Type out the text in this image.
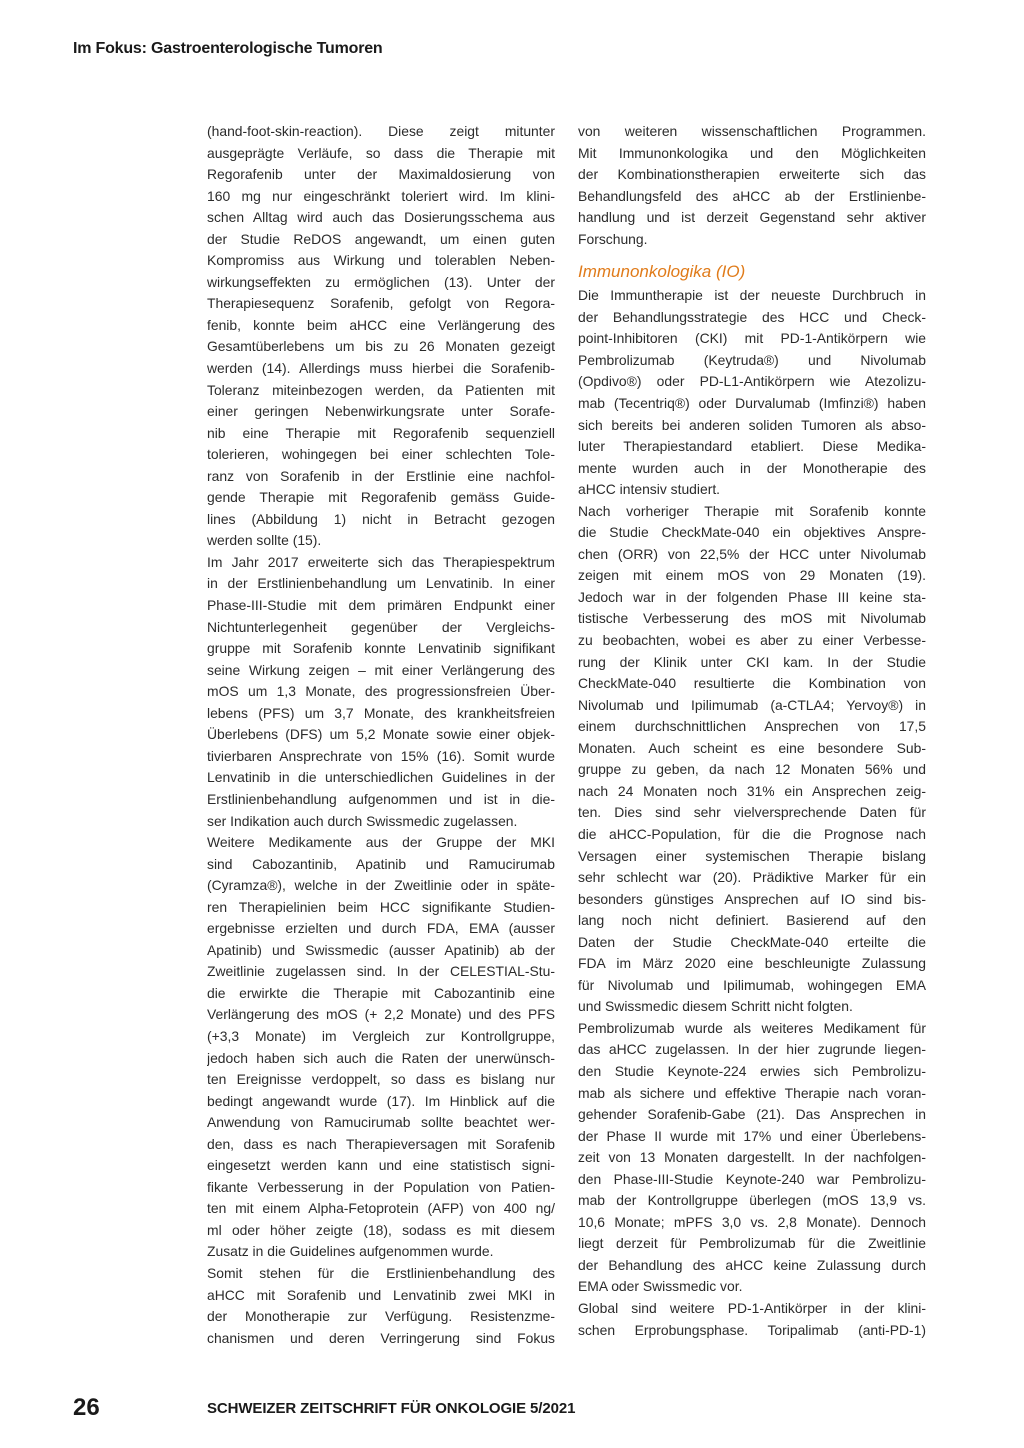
Im Fokus: Gastroenterologische Tumoren
(hand-foot-skin-reaction). Diese zeigt mitunter
ausgeprägte Verläufe, so dass die Therapie mit
Regorafenib unter der Maximaldosierung von
160 mg nur eingeschränkt toleriert wird. Im klini-
schen Alltag wird auch das Dosierungsschema aus
der Studie ReDOS angewandt, um einen guten
Kompromiss aus Wirkung und tolerablen Neben-
wirkungseffekten zu ermöglichen (13). Unter der
Therapiesequenz Sorafenib, gefolgt von Regora-
fenib, konnte beim aHCC eine Verlängerung des
Gesamtüberlebens um bis zu 26 Monaten gezeigt
werden (14). Allerdings muss hierbei die Sorafenib-
Toleranz miteinbezogen werden, da Patienten mit
einer geringen Nebenwirkungsrate unter Sorafe-
nib eine Therapie mit Regorafenib sequenziell
tolerieren, wohingegen bei einer schlechten Tole-
ranz von Sorafenib in der Erstlinie eine nachfol-
gende Therapie mit Regorafenib gemäss Guide-
lines (Abbildung 1) nicht in Betracht gezogen
werden sollte (15).
Im Jahr 2017 erweiterte sich das Therapiespektrum
in der Erstlinienbehandlung um Lenvatinib. In einer
Phase-III-Studie mit dem primären Endpunkt einer
Nichtunterlegenheit gegenüber der Vergleichs-
gruppe mit Sorafenib konnte Lenvatinib signifikant
seine Wirkung zeigen – mit einer Verlängerung des
mOS um 1,3 Monate, des progressionsfreien Über-
lebens (PFS) um 3,7 Monate, des krankheitsfreien
Überlebens (DFS) um 5,2 Monate sowie einer objek-
tivierbaren Ansprechrate von 15% (16). Somit wurde
Lenvatinib in die unterschiedlichen Guidelines in der
Erstlinienbehandlung aufgenommen und ist in die-
ser Indikation auch durch Swissmedic zugelassen.
Weitere Medikamente aus der Gruppe der MKI
sind Cabozantinib, Apatinib und Ramucirumab
(Cyramza®), welche in der Zweitlinie oder in späte-
ren Therapielinien beim HCC signifikante Studien-
ergebnisse erzielten und durch FDA, EMA (ausser
Apatinib) und Swissmedic (ausser Apatinib) ab der
Zweitlinie zugelassen sind. In der CELESTIAL-Stu-
die erwirkte die Therapie mit Cabozantinib eine
Verlängerung des mOS (+ 2,2 Monate) und des PFS
(+3,3 Monate) im Vergleich zur Kontrollgruppe,
jedoch haben sich auch die Raten der unerwünsch-
ten Ereignisse verdoppelt, so dass es bislang nur
bedingt angewandt wurde (17). Im Hinblick auf die
Anwendung von Ramucirumab sollte beachtet wer-
den, dass es nach Therapieversagen mit Sorafenib
eingesetzt werden kann und eine statistisch signi-
fikante Verbesserung in der Population von Patien-
ten mit einem Alpha-Fetoprotein (AFP) von 400 ng/
ml oder höher zeigte (18), sodass es mit diesem
Zusatz in die Guidelines aufgenommen wurde.
Somit stehen für die Erstlinienbehandlung des
aHCC mit Sorafenib und Lenvatinib zwei MKI in
der Monotherapie zur Verfügung. Resistenzme-
chanismen und deren Verringerung sind Fokus
von weiteren wissenschaftlichen Programmen.
Mit Immunonkologika und den Möglichkeiten
der Kombinationstherapien erweiterte sich das
Behandlungsfeld des aHCC ab der Erstlinienbe-
handlung und ist derzeit Gegenstand sehr aktiver
Forschung.
Immunonkologika (IO)
Die Immuntherapie ist der neueste Durchbruch in
der Behandlungsstrategie des HCC und Check-
point-Inhibitoren (CKI) mit PD-1-Antikörpern wie
Pembrolizumab (Keytruda®) und Nivolumab
(Opdivo®) oder PD-L1-Antikörpern wie Atezolizu-
mab (Tecentriq®) oder Durvalumab (Imfinzi®) haben
sich bereits bei anderen soliden Tumoren als abso-
luter Therapiestandard etabliert. Diese Medika-
mente wurden auch in der Monotherapie des
aHCC intensiv studiert.
Nach vorheriger Therapie mit Sorafenib konnte
die Studie CheckMate-040 ein objektives Anspre-
chen (ORR) von 22,5% der HCC unter Nivolumab
zeigen mit einem mOS von 29 Monaten (19).
Jedoch war in der folgenden Phase III keine sta-
tistische Verbesserung des mOS mit Nivolumab
zu beobachten, wobei es aber zu einer Verbesse-
rung der Klinik unter CKI kam. In der Studie
CheckMate-040 resultierte die Kombination von
Nivolumab und Ipilimumab (a-CTLA4; Yervoy®) in
einem durchschnittlichen Ansprechen von 17,5
Monaten. Auch scheint es eine besondere Sub-
gruppe zu geben, da nach 12 Monaten 56% und
nach 24 Monaten noch 31% ein Ansprechen zeig-
ten. Dies sind sehr vielversprechende Daten für
die aHCC-Population, für die die Prognose nach
Versagen einer systemischen Therapie bislang
sehr schlecht war (20). Prädiktive Marker für ein
besonders günstiges Ansprechen auf IO sind bis-
lang noch nicht definiert. Basierend auf den
Daten der Studie CheckMate-040 erteilte die
FDA im März 2020 eine beschleunigte Zulassung
für Nivolumab und Ipilimumab, wohingegen EMA
und Swissmedic diesem Schritt nicht folgten.
Pembrolizumab wurde als weiteres Medikament für
das aHCC zugelassen. In der hier zugrunde liegen-
den Studie Keynote-224 erwies sich Pembrolizu-
mab als sichere und effektive Therapie nach voran-
gehender Sorafenib-Gabe (21). Das Ansprechen in
der Phase II wurde mit 17% und einer Überlebens-
zeit von 13 Monaten dargestellt. In der nachfolgen-
den Phase-III-Studie Keynote-240 war Pembrolizu-
mab der Kontrollgruppe überlegen (mOS 13,9 vs.
10,6 Monate; mPFS 3,0 vs. 2,8 Monate). Dennoch
liegt derzeit für Pembrolizumab für die Zweitlinie
der Behandlung des aHCC keine Zulassung durch
EMA oder Swissmedic vor.
Global sind weitere PD-1-Antikörper in der klini-
schen Erprobungsphase. Toripalimab (anti-PD-1)
26	SCHWEIZER ZEITSCHRIFT FÜR ONKOLOGIE 5/2021
